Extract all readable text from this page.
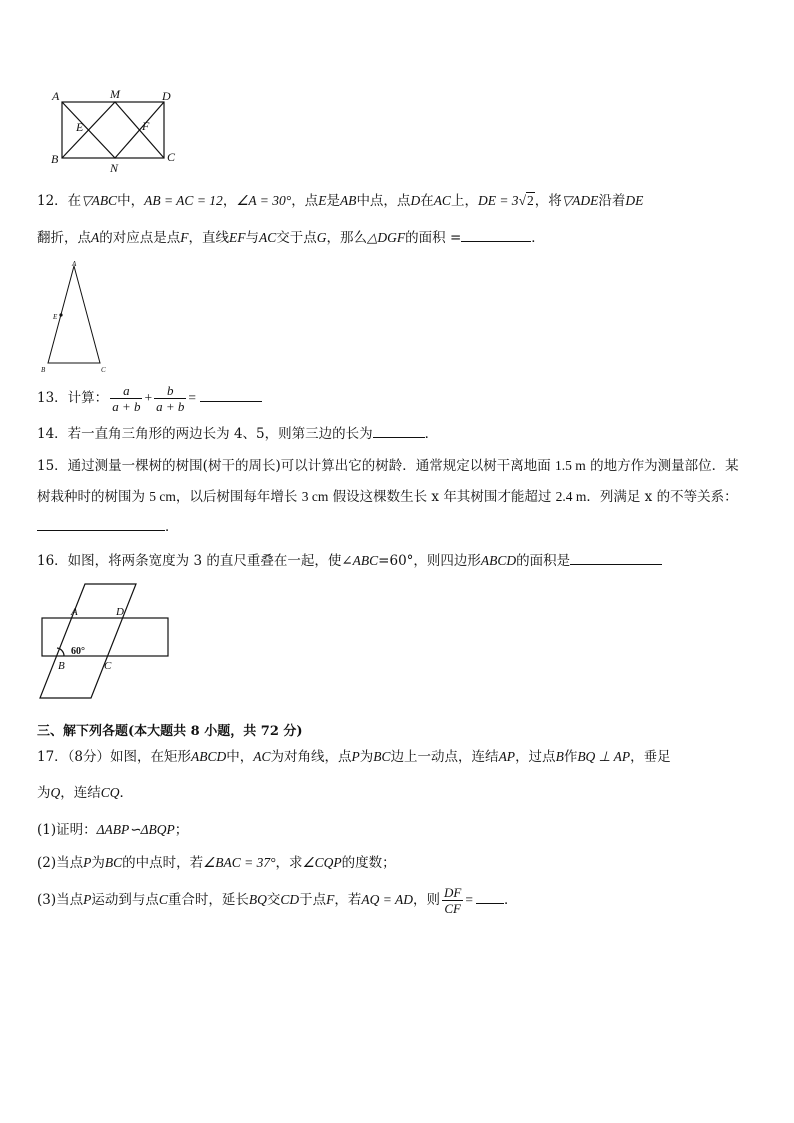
A	M	D
E	F
B
N
C
12．在▽ABC中，AB = AC = 12，∠A = 30°，点E是AB中点，点D在AC上，DE = 3√2，将▽ADE沿着DE
翻折，点A的对应点是点F，直线EF与AC交于点G，那么△DGF的面积 =	．
A
E
B	C
13．计算： $\frac{a}{a + b} + \frac{b}{a + b}$ =
14．若一直角三角形的两边长为 4、5，则第三边的长为	．
15．通过测量一棵树的树围(树干的周长)可以计算出它的树龄．通常规定以树干离地面 1.5 m 的地方作为测量部位．某
树栽种时的树围为 5 cm，以后树围每年增长 3 cm 假设这棵数生长 x 年其树围才能超过 2.4 m．列满足 x 的不等关系：
．
16．如图，将两条宽度为 3 的直尺重叠在一起，使∠ABC=60°，则四边形ABCD的面积是
A	D
B	C
60°
三、解下列各题(本大题共 8 小题，共 72 分)
17．（8分）如图，在矩形ABCD中，AC为对角线，点P为BC边上一动点，连结AP，过点B作BQ ⊥ AP，垂足
为Q，连结CQ．
(1)证明：ΔABP∽ΔBQP；
(2)当点P为BC的中点时，若∠BAC = 37°，求∠CQP的度数；
(3)当点P运动到与点C重合时，延长BQ交CD于点F，若AQ = AD，则 $\frac{DF}{CF}$ = ．
